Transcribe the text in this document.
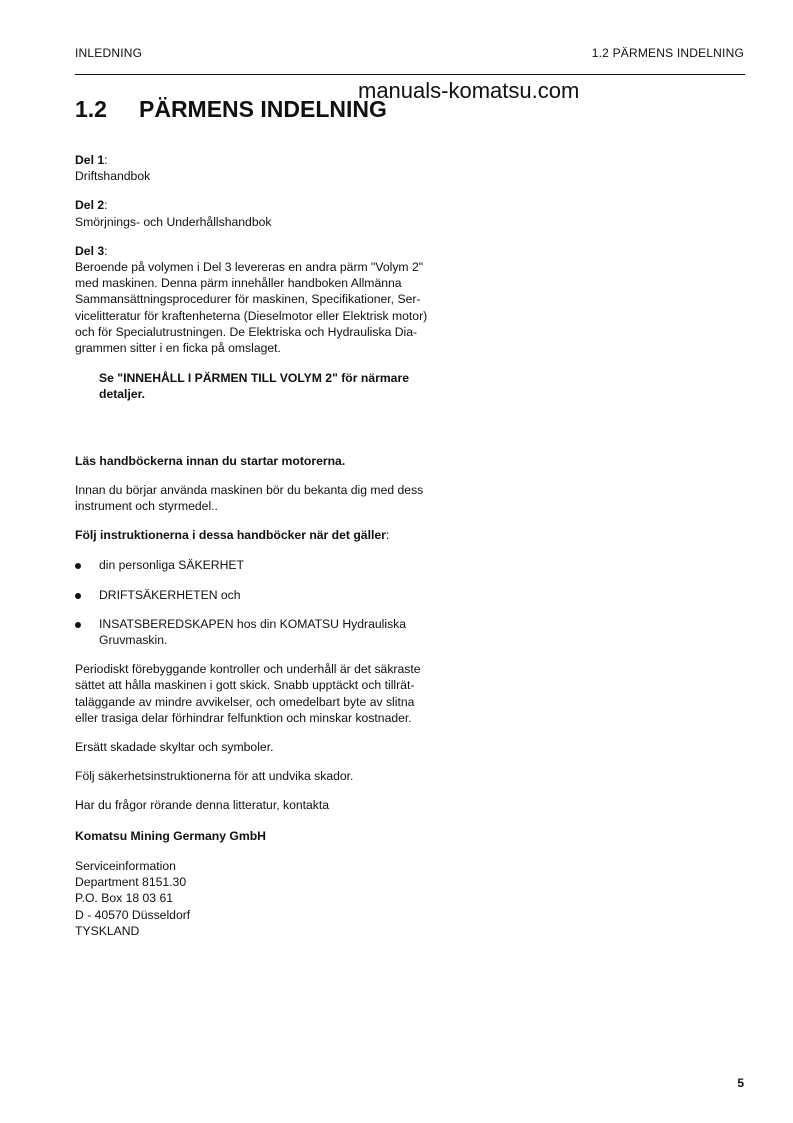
INLEDNING	1.2 PÄRMENS INDELNING
manuals-komatsu.com
1.2 PÄRMENS INDELNING

Del 1:

Driftshandbok

Del 2:

Smörjnings- och Underhållshandbok

Del 3:

Beroende på volymen i Del 3 levereras en andra pärm "Volym 2"
med maskinen. Denna pärm innehåller handboken Allmänna
Sammansättningsprocedurer för maskinen, Specifikationer, Ser-
vicelitteratur för kraftenheterna (Dieselmotor eller Elektrisk motor)
och för Specialutrustningen. De Elektriska och Hydrauliska Dia-
grammen sitter i en ficka på omslaget.
Se "INNEHÅLL I PÄRMEN TILL VOLYM 2" för närmare
detaljer.

Läs handböckerna innan du startar motorerna.

Innan du börjar använda maskinen bör du bekanta dig med dess
instrument och styrmedel..

Följ instruktionerna i dessa handböcker när det gäller:

din personliga SÄKERHET
DRIFTSÄKERHETEN och
INSATSBEREDSKAPEN hos din KOMATSU Hydrauliska
Gruvmaskin.
Periodiskt förebyggande kontroller och underhåll är det säkraste
sättet att hålla maskinen i gott skick. Snabb upptäckt och tillrät-
taläggande av mindre avvikelser, och omedelbart byte av slitna
eller trasiga delar förhindrar felfunktion och minskar kostnader.

Ersätt skadade skyltar och symboler.

Följ säkerhetsinstruktionerna för att undvika skador.

Har du frågor rörande denna litteratur, kontakta

Komatsu Mining Germany GmbH

Serviceinformation
Department 8151.30
P.O. Box 18 03 61
D - 40570 Düsseldorf
TYSKLAND
5
